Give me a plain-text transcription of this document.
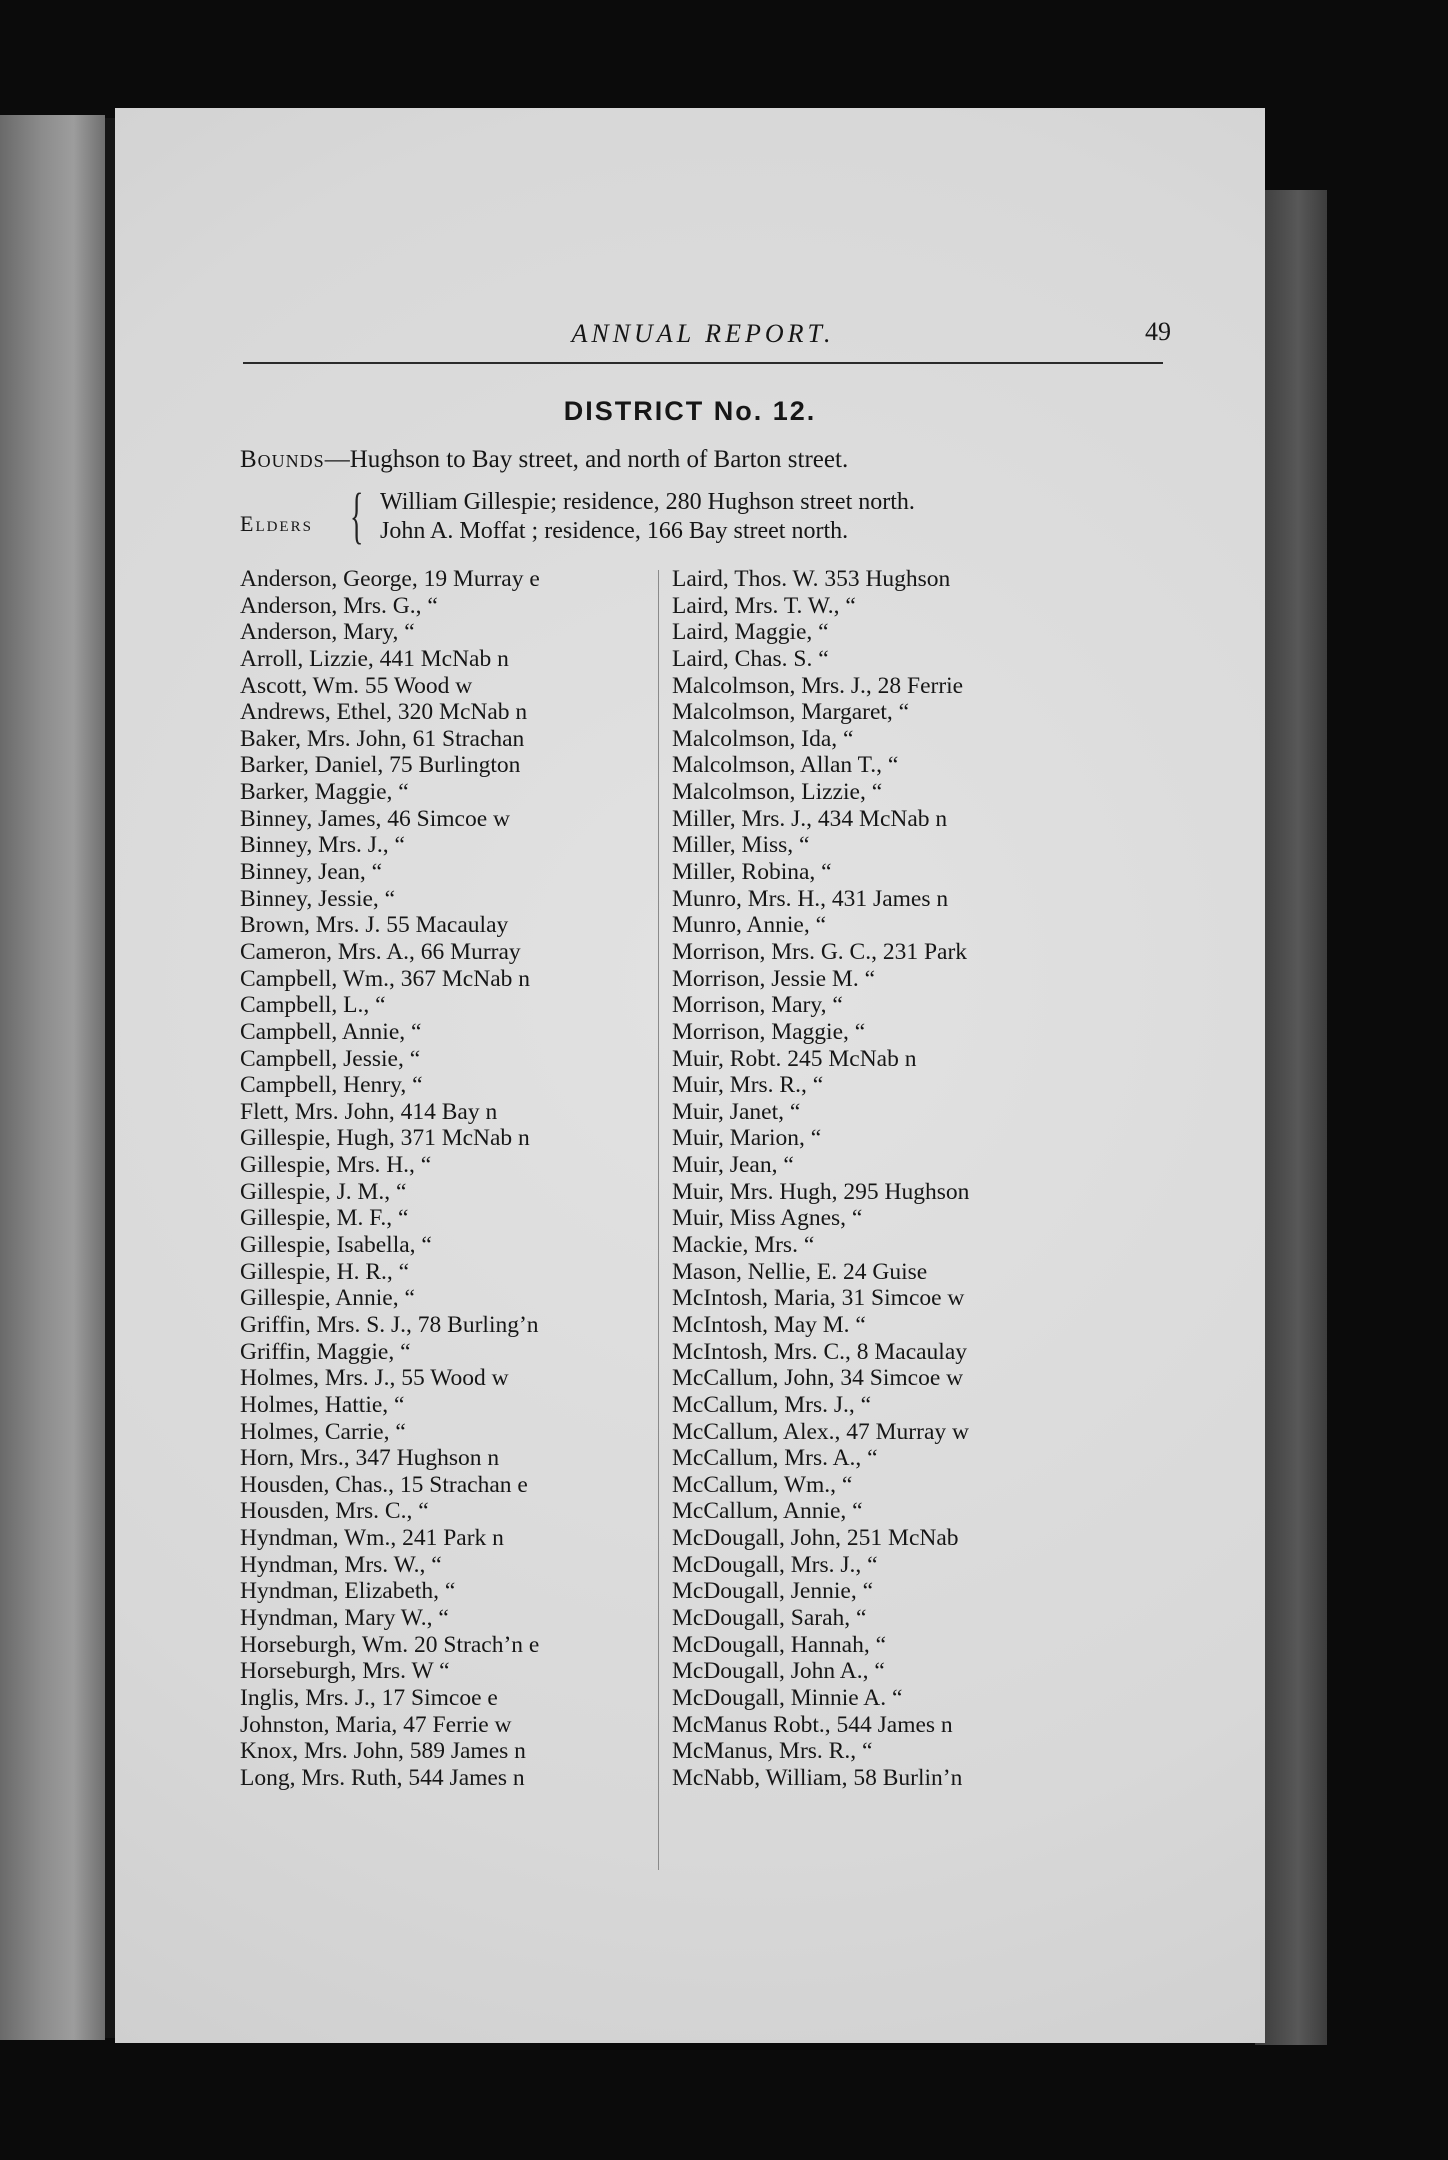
ANNUAL REPORT.	49
DISTRICT No. 12.
Bounds—Hughson to Bay street, and north of Barton street.
Elders { William Gillespie; residence, 280 Hughson street north.
John A. Moffat ; residence, 166 Bay street north.
Anderson, George, 19 Murray e
Anderson, Mrs. G., “
Anderson, Mary, “
Arroll, Lizzie, 441 McNab n
Ascott, Wm. 55 Wood w
Andrews, Ethel, 320 McNab n
Baker, Mrs. John, 61 Strachan
Barker, Daniel, 75 Burlington
Barker, Maggie, “
Binney, James, 46 Simcoe w
Binney, Mrs. J., “
Binney, Jean, “
Binney, Jessie, “
Brown, Mrs. J. 55 Macaulay
Cameron, Mrs. A., 66 Murray
Campbell, Wm., 367 McNab n
Campbell, L., “
Campbell, Annie, “
Campbell, Jessie, “
Campbell, Henry, “
Flett, Mrs. John, 414 Bay n
Gillespie, Hugh, 371 McNab n
Gillespie, Mrs. H., “
Gillespie, J. M., “
Gillespie, M. F., “
Gillespie, Isabella, “
Gillespie, H. R., “
Gillespie, Annie, “
Griffin, Mrs. S. J., 78 Burling’n
Griffin, Maggie, “
Holmes, Mrs. J., 55 Wood w
Holmes, Hattie, “
Holmes, Carrie, “
Horn, Mrs., 347 Hughson n
Housden, Chas., 15 Strachan e
Housden, Mrs. C., “
Hyndman, Wm., 241 Park n
Hyndman, Mrs. W., “
Hyndman, Elizabeth, “
Hyndman, Mary W., “
Horseburgh, Wm. 20 Strach’n e
Horseburgh, Mrs. W “
Inglis, Mrs. J., 17 Simcoe e
Johnston, Maria, 47 Ferrie w
Knox, Mrs. John, 589 James n
Long, Mrs. Ruth, 544 James n
Laird, Thos. W. 353 Hughson
Laird, Mrs. T. W., “
Laird, Maggie, “
Laird, Chas. S. “
Malcolmson, Mrs. J., 28 Ferrie
Malcolmson, Margaret, “
Malcolmson, Ida, “
Malcolmson, Allan T., “
Malcolmson, Lizzie, “
Miller, Mrs. J., 434 McNab n
Miller, Miss, “
Miller, Robina, “
Munro, Mrs. H., 431 James n
Munro, Annie, “
Morrison, Mrs. G. C., 231 Park
Morrison, Jessie M. “
Morrison, Mary, “
Morrison, Maggie, “
Muir, Robt. 245 McNab n
Muir, Mrs. R., “
Muir, Janet, “
Muir, Marion, “
Muir, Jean, “
Muir, Mrs. Hugh, 295 Hughson
Muir, Miss Agnes, “
Mackie, Mrs. “
Mason, Nellie, E. 24 Guise
McIntosh, Maria, 31 Simcoe w
McIntosh, May M. “
McIntosh, Mrs. C., 8 Macaulay
McCallum, John, 34 Simcoe w
McCallum, Mrs. J., “
McCallum, Alex., 47 Murray w
McCallum, Mrs. A., “
McCallum, Wm., “
McCallum, Annie, “
McDougall, John, 251 McNab
McDougall, Mrs. J., “
McDougall, Jennie, “
McDougall, Sarah, “
McDougall, Hannah, “
McDougall, John A., “
McDougall, Minnie A. “
McManus Robt., 544 James n
McManus, Mrs. R., “
McNabb, William, 58 Burlin’n
